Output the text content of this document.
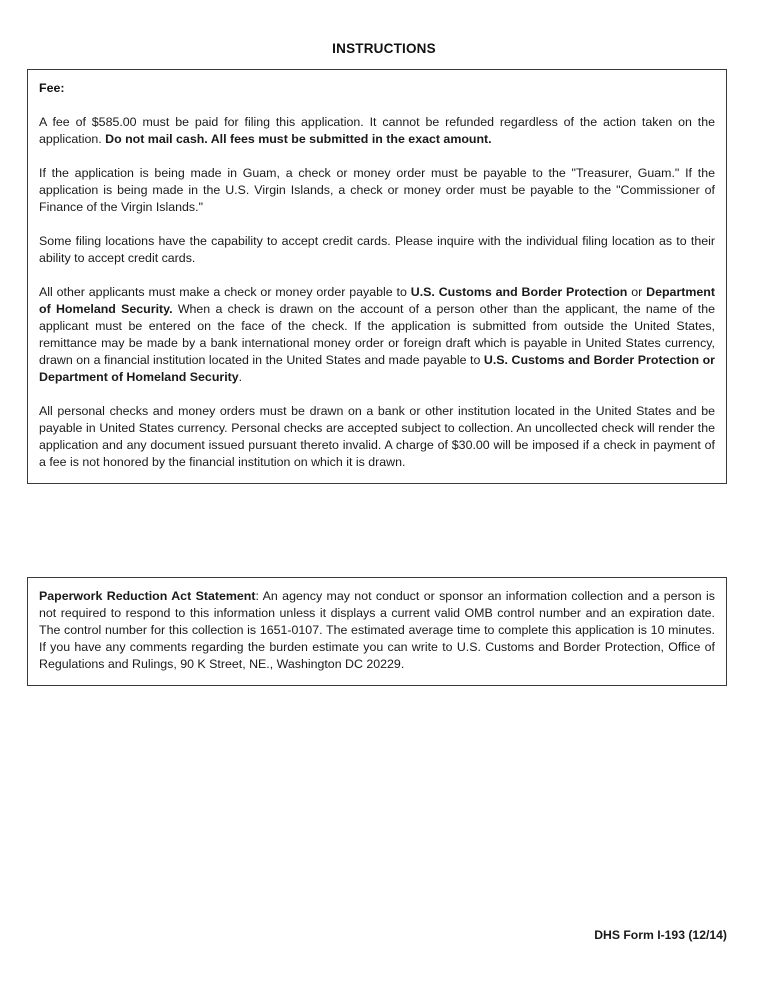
INSTRUCTIONS
Fee:

A fee of $585.00 must be paid for filing this application. It cannot be refunded regardless of the action taken on the application. Do not mail cash. All fees must be submitted in the exact amount.

If the application is being made in Guam, a check or money order must be payable to the "Treasurer, Guam." If the application is being made in the U.S. Virgin Islands, a check or money order must be payable to the "Commissioner of Finance of the Virgin Islands."

Some filing locations have the capability to accept credit cards. Please inquire with the individual filing location as to their ability to accept credit cards.

All other applicants must make a check or money order payable to U.S. Customs and Border Protection or Department of Homeland Security. When a check is drawn on the account of a person other than the applicant, the name of the applicant must be entered on the face of the check. If the application is submitted from outside the United States, remittance may be made by a bank international money order or foreign draft which is payable in United States currency, drawn on a financial institution located in the United States and made payable to U.S. Customs and Border Protection or Department of Homeland Security.

All personal checks and money orders must be drawn on a bank or other institution located in the United States and be payable in United States currency. Personal checks are accepted subject to collection. An uncollected check will render the application and any document issued pursuant thereto invalid. A charge of $30.00 will be imposed if a check in payment of a fee is not honored by the financial institution on which it is drawn.

Paperwork Reduction Act Statement: An agency may not conduct or sponsor an information collection and a person is not required to respond to this information unless it displays a current valid OMB control number and an expiration date. The control number for this collection is 1651-0107. The estimated average time to complete this application is 10 minutes. If you have any comments regarding the burden estimate you can write to U.S. Customs and Border Protection, Office of Regulations and Rulings, 90 K Street, NE., Washington DC 20229.

DHS Form I-193 (12/14)
